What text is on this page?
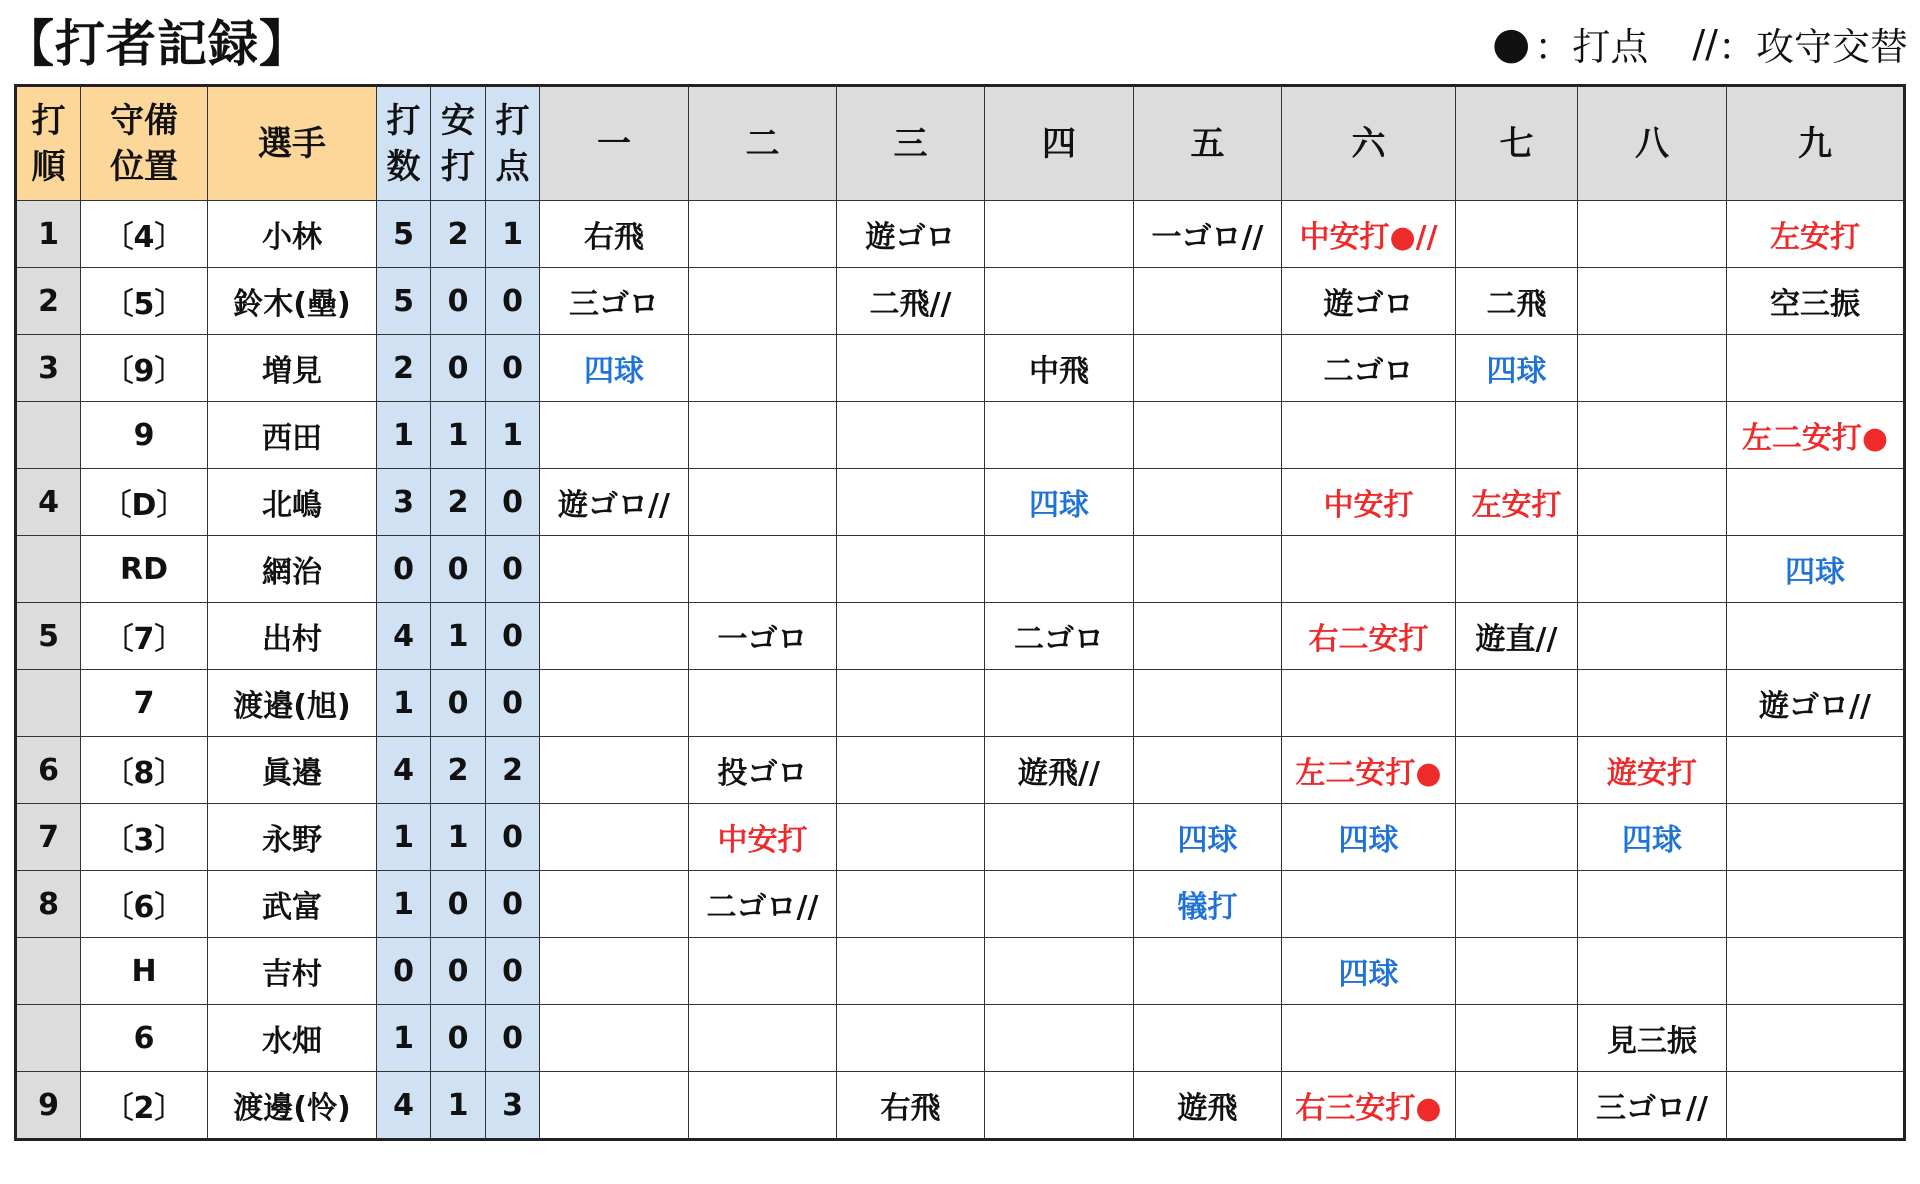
【打者記録】	● ：打点 // ：攻守交替
打順	守備位置	選手	打数	安打	打点	一	二	三	四	五	六	七	八	九
1	〔4〕	小林	5	2	1	右飛		遊ゴロ		一ゴロ//	中安打●//			左安打
2	〔5〕	鈴木(壘)	5	0	0	三ゴロ		二飛//			遊ゴロ	二飛		空三振
3	〔9〕	増見	2	0	0	四球			中飛		二ゴロ	四球		
	9	西田	1	1	1									左二安打●
4	〔D〕	北嶋	3	2	0	遊ゴロ//			四球		中安打	左安打		
	RD	網治	0	0	0									四球
5	〔7〕	出村	4	1	0		一ゴロ		二ゴロ		右二安打	遊直//		
	7	渡邉(旭)	1	0	0									遊ゴロ//
6	〔8〕	眞邉	4	2	2		投ゴロ		遊飛//		左二安打●		遊安打	
7	〔3〕	永野	1	1	0		中安打			四球	四球		四球	
8	〔6〕	武富	1	0	0		二ゴロ//			犠打				
	H	吉村	0	0	0						四球			
	6	水畑	1	0	0								見三振	
9	〔2〕	渡邊(怜)	4	1	3			右飛		遊飛	右三安打●		三ゴロ//	
